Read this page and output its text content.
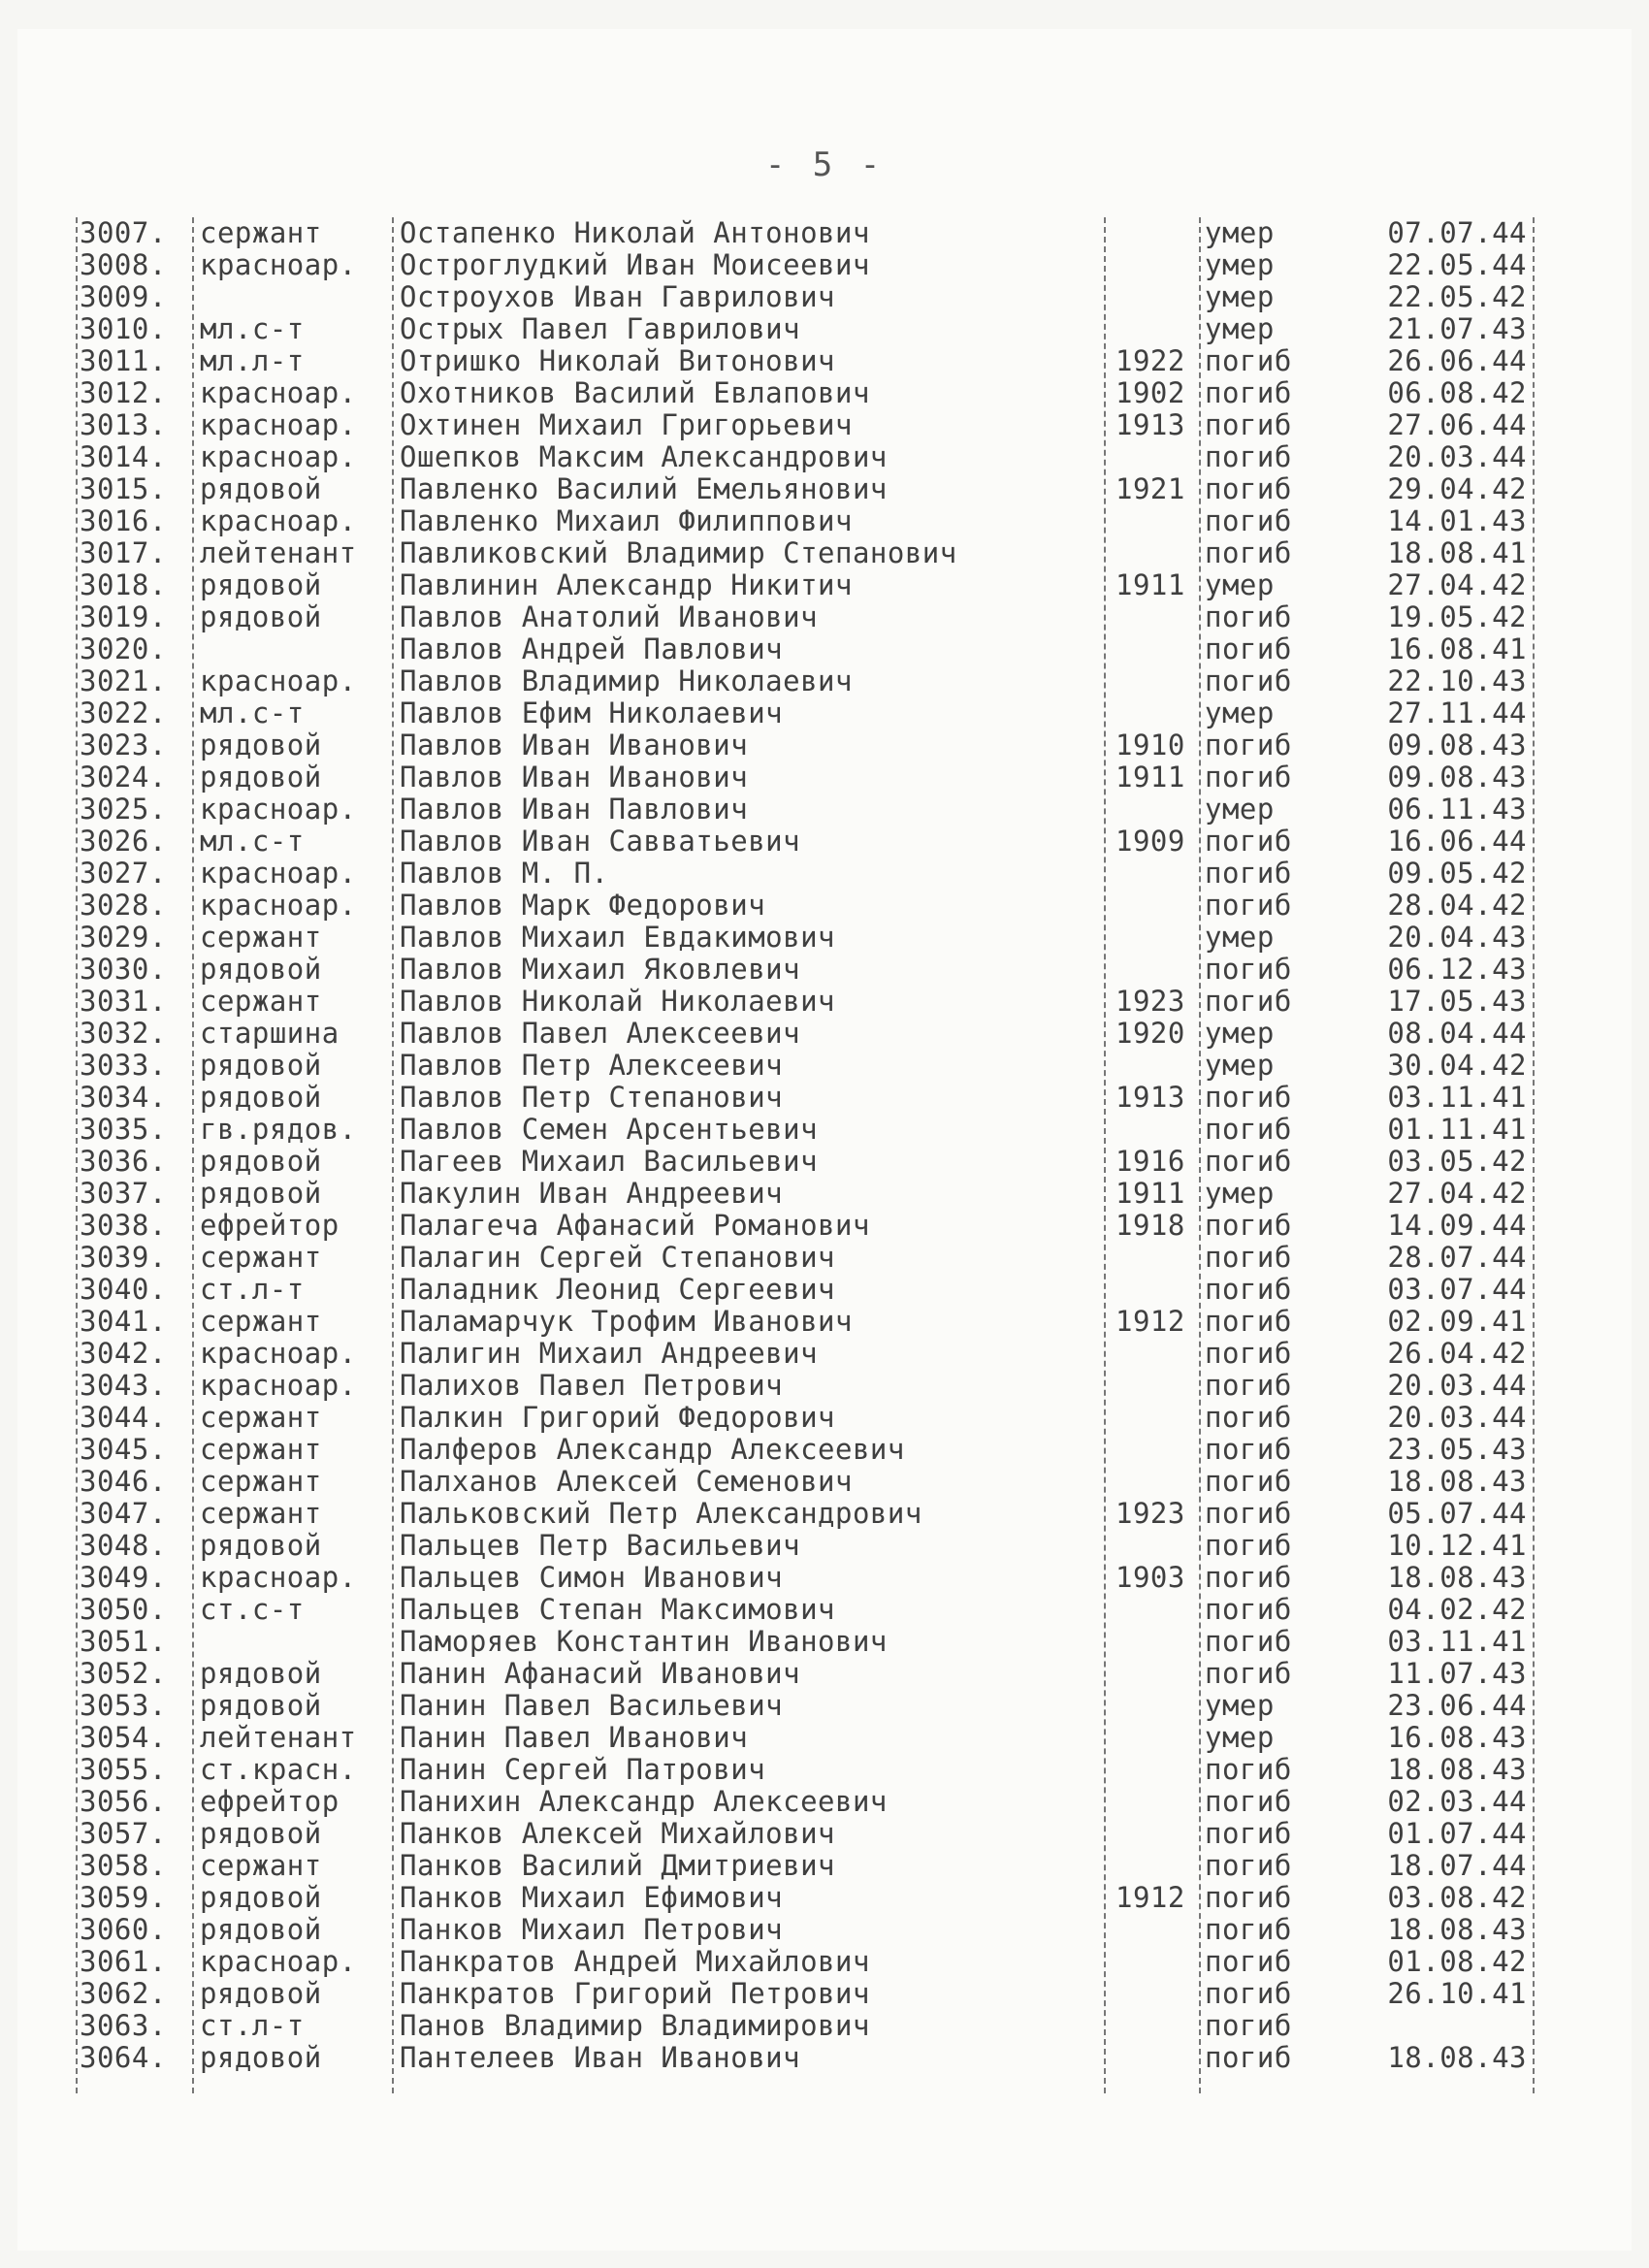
- 5 -
3007.	сержант	Остапенко Николай Антонович	умер	07.07.44
3008.	красноар.	Остроглудкий Иван Моисеевич	умер	22.05.44
3009.	Остроухов Иван Гаврилович	умер	22.05.42
3010.	мл.с-т	Острых Павел Гаврилович	умер	21.07.43
3011.	мл.л-т	Отришко Николай Витонович	1922 погиб	26.06.44
3012.	красноар.	Охотников Василий Евлапович	1902 погиб	06.08.42
3013.	красноар.	Охтинен Михаил Григорьевич	1913 погиб	27.06.44
3014.	красноар.	Ошепков Максим Александрович	погиб	20.03.44
3015.	рядовой	Павленко Василий Емельянович	1921 погиб	29.04.42
3016.	красноар.	Павленко Михаил Филиппович	погиб	14.01.43
3017.	лейтенант	Павликовский Владимир Степанович	погиб	18.08.41
3018.	рядовой	Павлинин Александр Никитич	1911 умер	27.04.42
3019.	рядовой	Павлов Анатолий Иванович	погиб	19.05.42
3020.	Павлов Андрей Павлович	погиб	16.08.41
3021.	красноар.	Павлов Владимир Николаевич	погиб	22.10.43
3022.	мл.с-т	Павлов Ефим Николаевич	умер	27.11.44
3023.	рядовой	Павлов Иван Иванович	1910 погиб	09.08.43
3024.	рядовой	Павлов Иван Иванович	1911 погиб	09.08.43
3025.	красноар.	Павлов Иван Павлович	умер	06.11.43
3026.	мл.с-т	Павлов Иван Савватьевич	1909 погиб	16.06.44
3027.	красноар.	Павлов М. П.	погиб	09.05.42
3028.	красноар.	Павлов Марк Федорович	погиб	28.04.42
3029.	сержант	Павлов Михаил Евдакимович	умер	20.04.43
3030.	рядовой	Павлов Михаил Яковлевич	погиб	06.12.43
3031.	сержант	Павлов Николай Николаевич	1923 погиб	17.05.43
3032.	старшина	Павлов Павел Алексеевич	1920 умер	08.04.44
3033.	рядовой	Павлов Петр Алексеевич	умер	30.04.42
3034.	рядовой	Павлов Петр Степанович	1913 погиб	03.11.41
3035.	гв.рядов.	Павлов Семен Арсентьевич	погиб	01.11.41
3036.	рядовой	Пагеев Михаил Васильевич	1916 погиб	03.05.42
3037.	рядовой	Пакулин Иван Андреевич	1911 умер	27.04.42
3038.	ефрейтор	Палагеча Афанасий Романович	1918 погиб	14.09.44
3039.	сержант	Палагин Сергей Степанович	погиб	28.07.44
3040.	ст.л-т	Паладник Леонид Сергеевич	погиб	03.07.44
3041.	сержант	Паламарчук Трофим Иванович	1912 погиб	02.09.41
3042.	красноар.	Палигин Михаил Андреевич	погиб	26.04.42
3043.	красноар.	Палихов Павел Петрович	погиб	20.03.44
3044.	сержант	Палкин Григорий Федорович	погиб	20.03.44
3045.	сержант	Палферов Александр Алексеевич	погиб	23.05.43
3046.	сержант	Палханов Алексей Семенович	погиб	18.08.43
3047.	сержант	Пальковский Петр Александрович	1923 погиб	05.07.44
3048.	рядовой	Пальцев Петр Васильевич	погиб	10.12.41
3049.	красноар.	Пальцев Симон Иванович	1903 погиб	18.08.43
3050.	ст.с-т	Пальцев Степан Максимович	погиб	04.02.42
3051.	Паморяев Константин Иванович	погиб	03.11.41
3052.	рядовой	Панин Афанасий Иванович	погиб	11.07.43
3053.	рядовой	Панин Павел Васильевич	умер	23.06.44
3054.	лейтенант	Панин Павел Иванович	умер	16.08.43
3055.	ст.красн.	Панин Сергей Патрович	погиб	18.08.43
3056.	ефрейтор	Панихин Александр Алексеевич	погиб	02.03.44
3057.	рядовой	Панков Алексей Михайлович	погиб	01.07.44
3058.	сержант	Панков Василий Дмитриевич	погиб	18.07.44
3059.	рядовой	Панков Михаил Ефимович	1912 погиб	03.08.42
3060.	рядовой	Панков Михаил Петрович	погиб	18.08.43
3061.	красноар.	Панкратов Андрей Михайлович	погиб	01.08.42
3062.	рядовой	Панкратов Григорий Петрович	погиб	26.10.41
3063.	ст.л-т	Панов Владимир Владимирович	погиб
3064.	рядовой	Пантелеев Иван Иванович	погиб	18.08.43
